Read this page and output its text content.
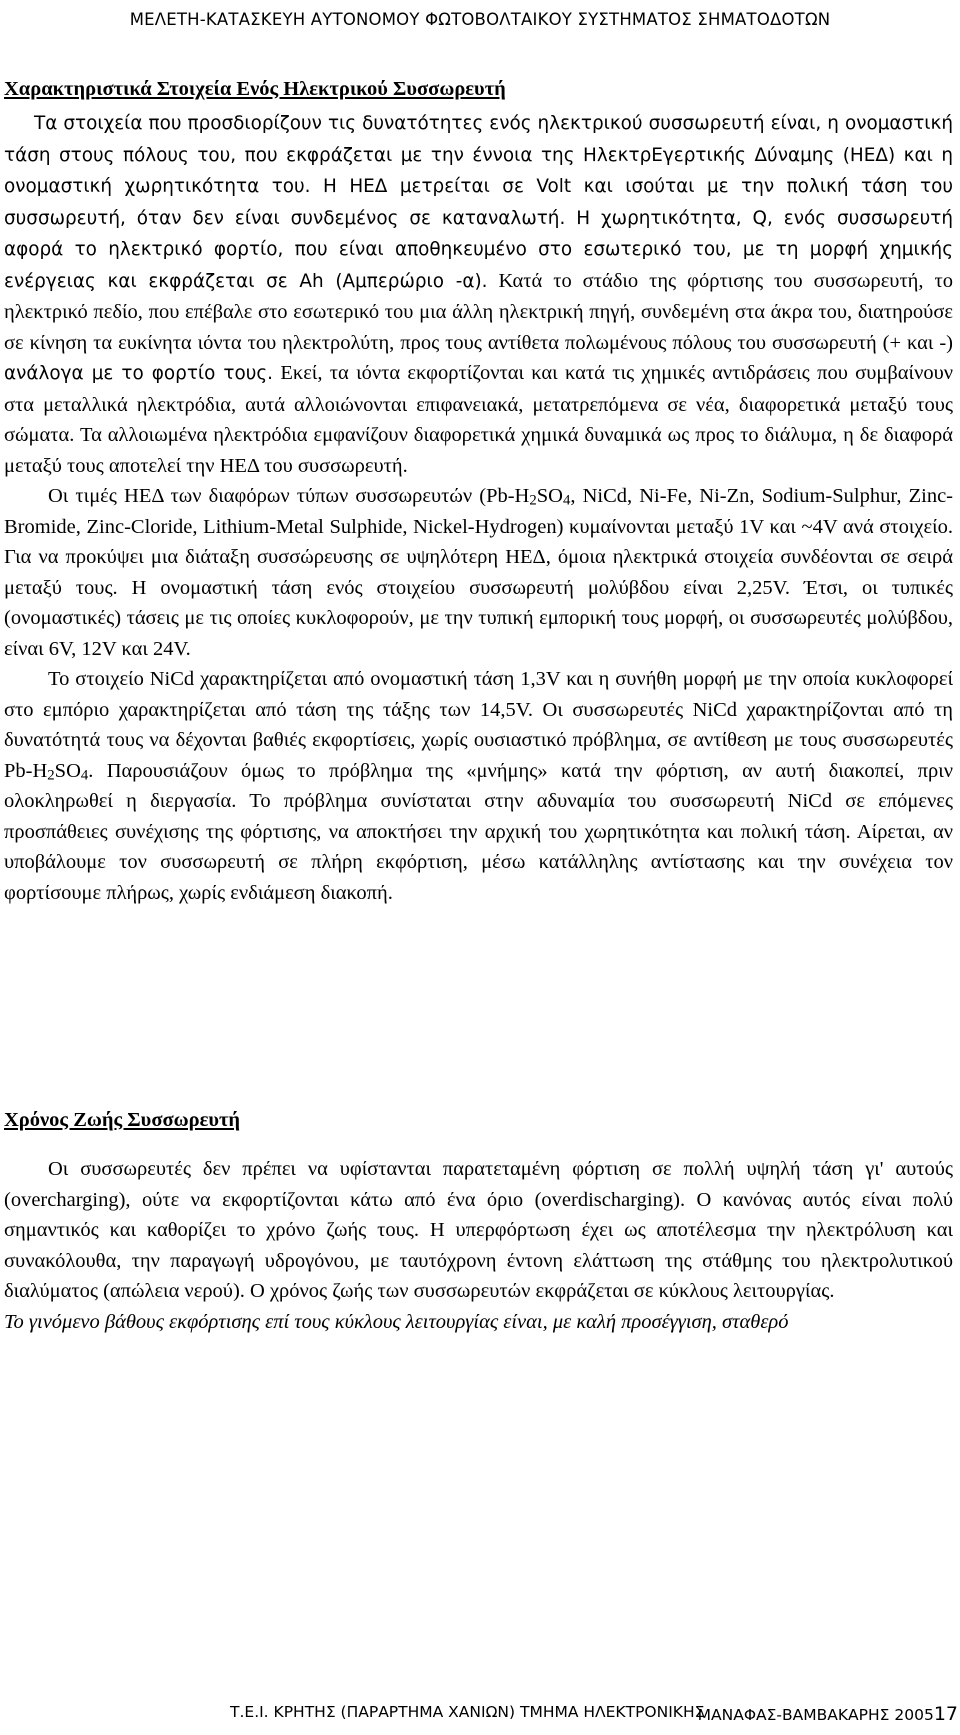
ΜΕΛΕΤΗ-ΚΑΤΑΣΚΕΥΗ ΑΥΤΟΝΟΜΟΥ ΦΩΤΟΒΟΛΤΑΙΚΟΥ ΣΥΣΤΗΜΑΤΟΣ ΣΗΜΑΤΟΔΟΤΩΝ
Χαρακτηριστικά Στοιχεία Ενός Ηλεκτρικού Συσσωρευτή

Τα στοιχεία που προσδιορίζουν τις δυνατότητες ενός ηλεκτρικού συσσωρευτή είναι, η ονομαστική τάση στους πόλους του, που εκφράζεται με την έννοια της ΗλεκτρΕγερτικής Δύναμης (ΗΕΔ) και η ονομαστική χωρητικότητα του. Η ΗΕΔ μετρείται σε Volt και ισούται με την πολική τάση του συσσωρευτή, όταν δεν είναι συνδεμένος σε καταναλωτή. Η χωρητικότητα, Q, ενός συσσωρευτή αφορά το ηλεκτρικό φορτίο, που είναι αποθηκευμένο στο εσωτερικό του, με τη μορφή χημικής ενέργειας και εκφράζεται σε Ah (Αμπερώριο -α). Κατά το στάδιο της φόρτισης του συσσωρευτή, το ηλεκτρικό πεδίο, που επέβαλε στο εσωτερικό του μια άλλη ηλεκτρική πηγή, συνδεμένη στα άκρα του, διατηρούσε σε κίνηση τα ευκίνητα ιόντα του ηλεκτρολύτη, προς τους αντίθετα πολωμένους πόλους του συσσωρευτή (+ και -) ανάλογα με το φορτίο τους. Εκεί, τα ιόντα εκφορτίζονται και κατά τις χημικές αντιδράσεις που συμβαίνουν στα μεταλλικά ηλεκτρόδια, αυτά αλλοιώνονται επιφανειακά, μετατρεπόμενα σε νέα, διαφορετικά μεταξύ τους σώματα. Τα αλλοιωμένα ηλεκτρόδια εμφανίζουν διαφορετικά χημικά δυναμικά ως προς το διάλυμα, η δε διαφορά μεταξύ τους αποτελεί την ΗΕΔ του συσσωρευτή.

Οι τιμές ΗΕΔ των διαφόρων τύπων συσσωρευτών ($Pb-H_2SO_4$, NiCd, Ni-Fe, Ni-Zn, Sodium-Sulphur, Zinc-Bromide, Zinc-Cloride, Lithium-Metal Sulphide, Nickel-Hydrogen) κυμαίνονται μεταξύ 1V και ~4V ανά στοιχείο. Για να προκύψει μια διάταξη συσσώρευσης σε υψηλότερη ΗΕΔ, όμοια ηλεκτρικά στοιχεία συνδέονται σε σειρά μεταξύ τους. Η ονομαστική τάση ενός στοιχείου συσσωρευτή μολύβδου είναι 2,25V. Έτσι, οι τυπικές (ονομαστικές) τάσεις με τις οποίες κυκλοφορούν, με την τυπική εμπορική τους μορφή, οι συσσωρευτές μολύβδου, είναι 6V, 12V και 24V.

Το στοιχείο NiCd χαρακτηρίζεται από ονομαστική τάση 1,3V και η συνήθη μορφή με την οποία κυκλοφορεί στο εμπόριο χαρακτηρίζεται από τάση της τάξης των 14,5V. Οι συσσωρευτές NiCd χαρακτηρίζονται από τη δυνατότητά τους να δέχονται βαθιές εκφορτίσεις, χωρίς ουσιαστικό πρόβλημα, σε αντίθεση με τους συσσωρευτές $Pb-H_2SO_4$. Παρουσιάζουν όμως το πρόβλημα της «μνήμης» κατά την φόρτιση, αν αυτή διακοπεί, πριν ολοκληρωθεί η διεργασία. Το πρόβλημα συνίσταται στην αδυναμία του συσσωρευτή NiCd σε επόμενες προσπάθειες συνέχισης της φόρτισης, να αποκτήσει την αρχική του χωρητικότητα και πολική τάση. Αίρεται, αν υποβάλουμε τον συσσωρευτή σε πλήρη εκφόρτιση, μέσω κατάλληλης αντίστασης και την συνέχεια τον φορτίσουμε πλήρως, χωρίς ενδιάμεση διακοπή.

Χρόνος Ζωής Συσσωρευτή

Οι συσσωρευτές δεν πρέπει να υφίστανται παρατεταμένη φόρτιση σε πολλή υψηλή τάση γι' αυτούς (overcharging), ούτε να εκφορτίζονται κάτω από ένα όριο (overdischarging). Ο κανόνας αυτός είναι πολύ σημαντικός και καθορίζει το χρόνο ζωής τους. Η υπερφόρτωση έχει ως αποτέλεσμα την ηλεκτρόλυση και συνακόλουθα, την παραγωγή υδρογόνου, με ταυτόχρονη έντονη ελάττωση της στάθμης του ηλεκτρολυτικού διαλύματος (απώλεια νερού). Ο χρόνος ζωής των συσσωρευτών εκφράζεται σε κύκλους λειτουργίας.

Το γινόμενο βάθους εκφόρτισης επί τους κύκλους λειτουργίας είναι, με καλή προσέγγιση, σταθερό

Τ.Ε.Ι. ΚΡΗΤΗΣ (ΠΑΡΑΡΤΗΜΑ ΧΑΝΙΩΝ) ΤΜΗΜΑ ΗΛΕΚΤΡΟΝΙΚΗΣ
ΜΑΝΑΦΑΣ-ΒΑΜΒΑΚΑΡΗΣ 200517
